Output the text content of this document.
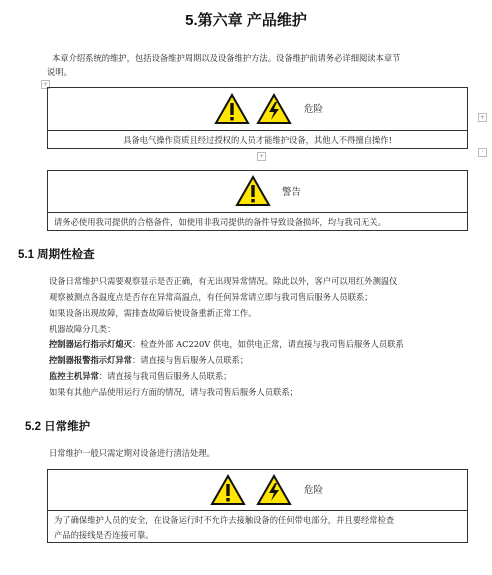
5.第六章 产品维护
本章介绍系统的维护，包括设备维护周期以及设备维护方法。设备维护前请务必详细阅读本章节
说明。
+
危险
具备电气操作资质且经过授权的人员才能维护设备，其他人不得擅自操作!
+
+
·
警告
请务必使用我司提供的合格备件，如使用非我司提供的备件导致设备损坏，均与我司无关。
5.1 周期性检查
设备日常维护只需要观察显示是否正确，有无出现异常情况。除此以外，客户可以用红外测温仪
观察被测点各温度点是否存在异常高温点，有任何异常请立即与我司售后服务人员联系；
如果设备出现故障，需排查故障后使设备重新正常工作。
机器故障分几类：
控制器运行指示灯熄灭：检查外部 AC220V 供电，如供电正常，请直接与我司售后服务人员联系
控制器报警指示灯异常：请直接与售后服务人员联系；
监控主机异常：请直接与我司售后服务人员联系；
如果有其他产品使用运行方面的情况，请与我司售后服务人员联系；
5.2 日常维护
日常维护一般只需定期对设备进行清洁处理。
危险
为了确保维护人员的安全，在设备运行时不允许去接触设备的任何带电部分，并且要经常检查
产品的接线是否连接可靠。
